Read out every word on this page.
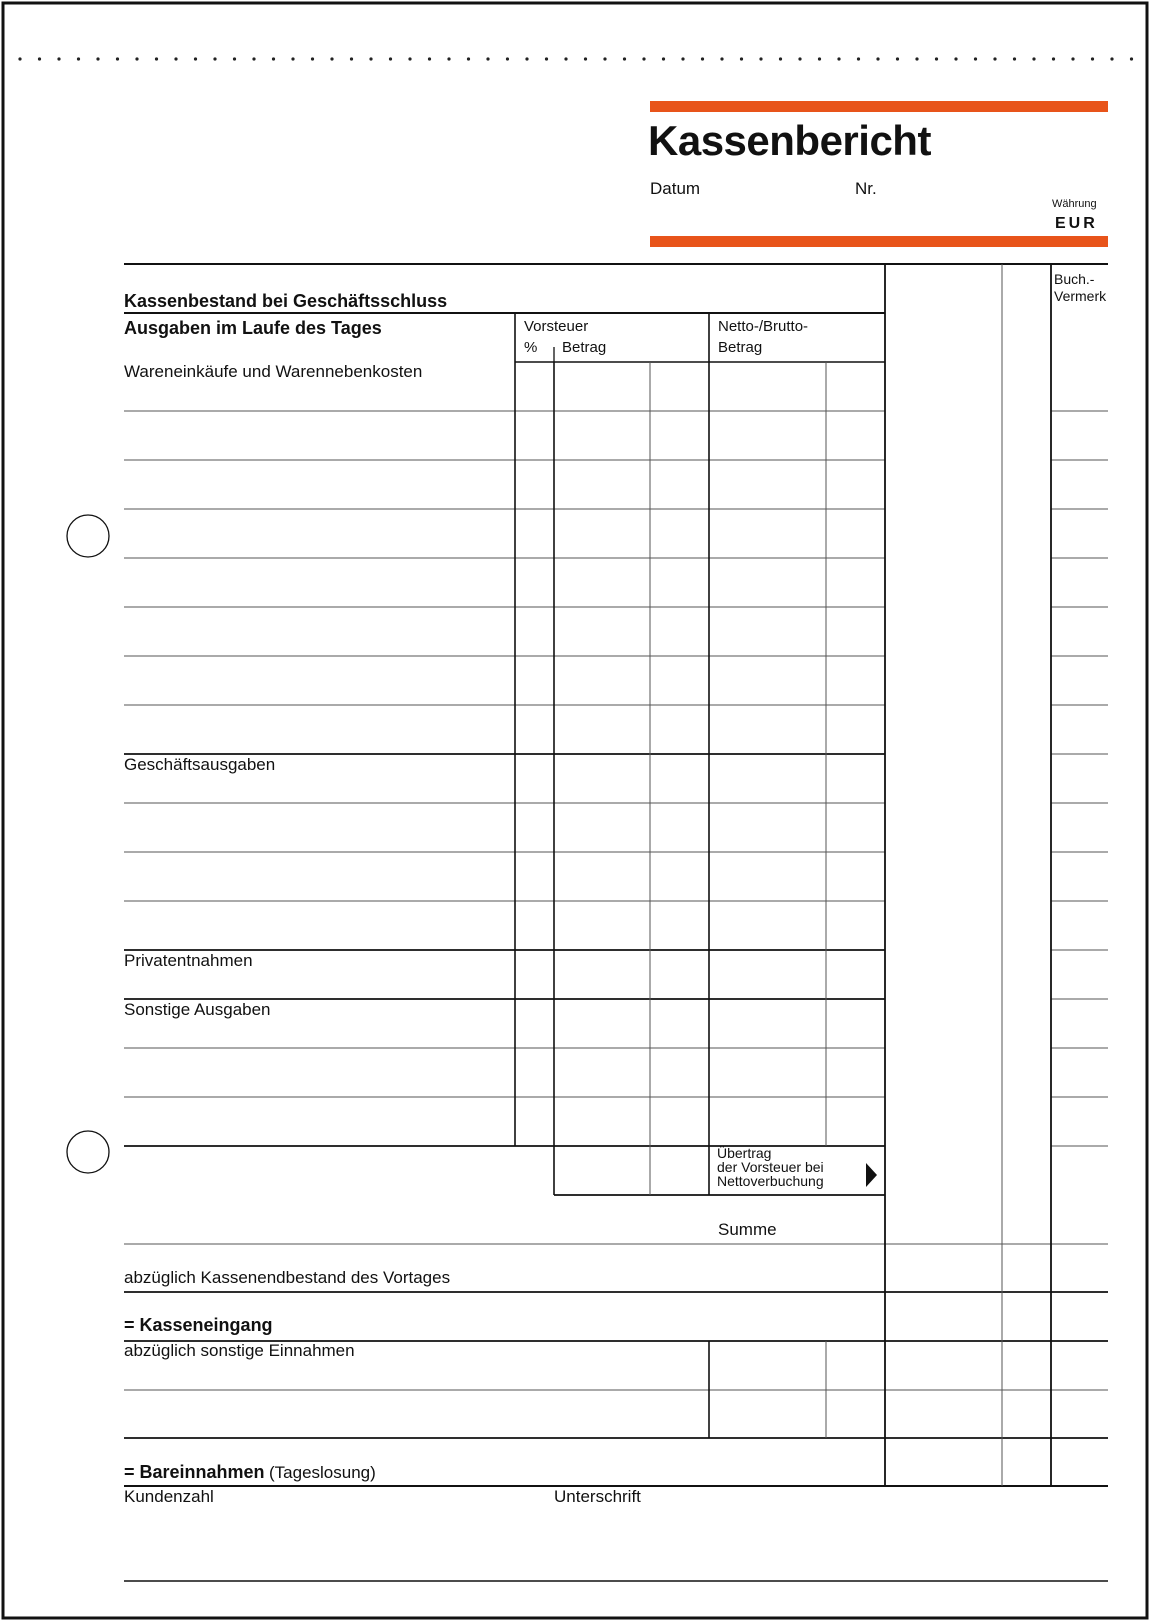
Kassenbericht
Datum	Nr.
Währung
EUR
Buch.-
Vermerk
Vorsteuer
% Betrag
Netto-/Brutto-
Betrag
Kassenbestand bei Geschäftsschluss
Ausgaben im Laufe des Tages
Wareneinkäufe und Warennebenkosten
Geschäftsausgaben
Privatentnahmen
Sonstige Ausgaben
Übertrag
der Vorsteuer bei
Nettoverbuchung
Summe
abzüglich Kassenendbestand des Vortages
= Kasseneingang
abzüglich sonstige Einnahmen
= Bareinnahmen (Tageslosung)
Kundenzahl	Unterschrift
